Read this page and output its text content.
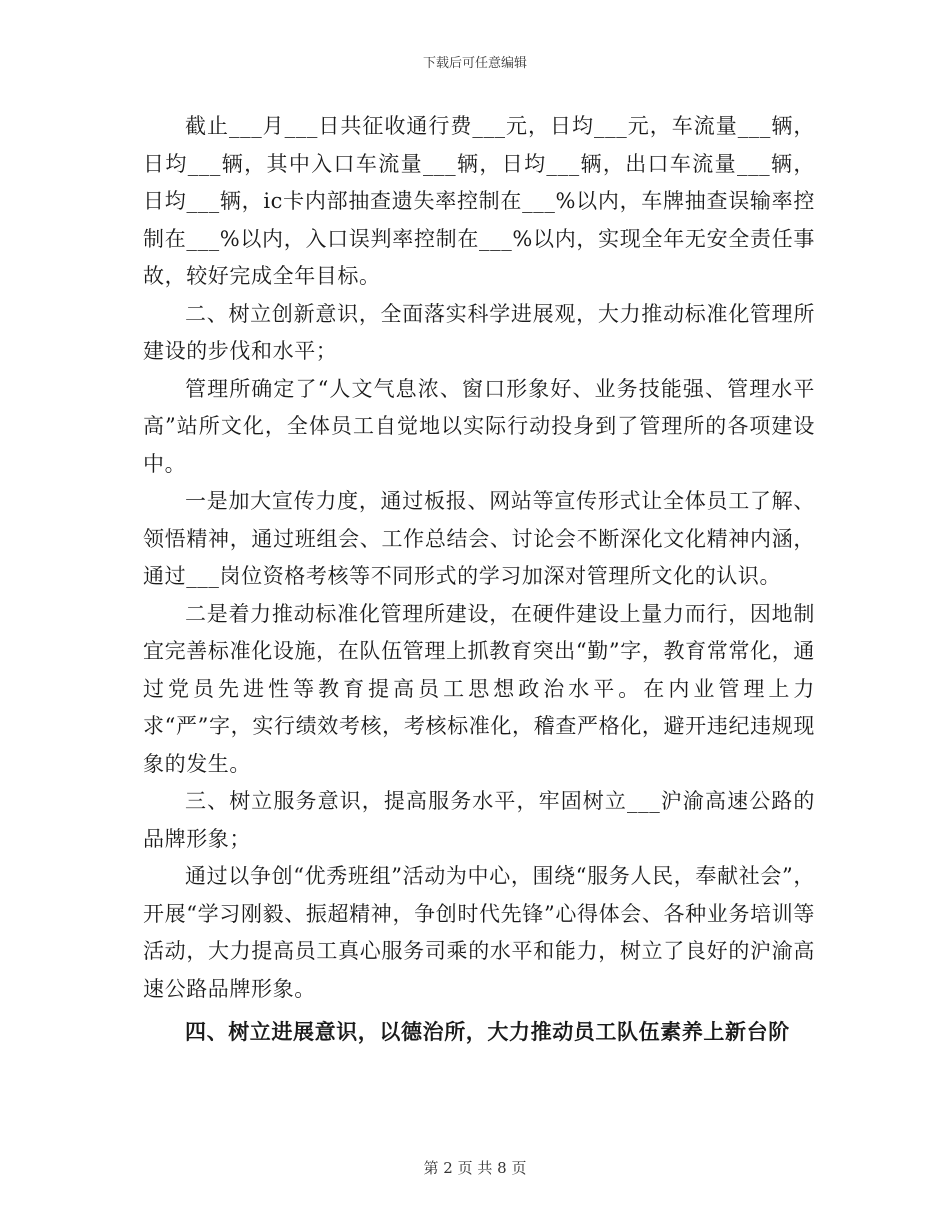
下载后可任意编辑

截止___月___日共征收通行费___元，日均___元，车流量___辆，日均___辆，其中入口车流量___辆，日均___辆，出口车流量___辆，日均___辆，ic卡内部抽查遗失率控制在___%以内，车牌抽查误输率控制在___%以内，入口误判率控制在___%以内，实现全年无安全责任事故，较好完成全年目标。

二、树立创新意识，全面落实科学进展观，大力推动标准化管理所建设的步伐和水平；

管理所确定了“人文气息浓、窗口形象好、业务技能强、管理水平高”站所文化，全体员工自觉地以实际行动投身到了管理所的各项建设中。

一是加大宣传力度，通过板报、网站等宣传形式让全体员工了解、领悟精神，通过班组会、工作总结会、讨论会不断深化文化精神内涵，通过___岗位资格考核等不同形式的学习加深对管理所文化的认识。

二是着力推动标准化管理所建设，在硬件建设上量力而行，因地制宜完善标准化设施，在队伍管理上抓教育突出“勤”字，教育常常化，通过党员先进性等教育提高员工思想政治水平。在内业管理上力求“严”字，实行绩效考核，考核标准化，稽查严格化，避开违纪违规现象的发生。

三、树立服务意识，提高服务水平，牢固树立___沪渝高速公路的品牌形象；

通过以争创“优秀班组”活动为中心，围绕“服务人民，奉献社会”，开展“学习刚毅、振超精神，争创时代先锋”心得体会、各种业务培训等活动，大力提高员工真心服务司乘的水平和能力，树立了良好的沪渝高速公路品牌形象。

四、树立进展意识，以德治所，大力推动员工队伍素养上新台阶

第 2 页 共 8 页
